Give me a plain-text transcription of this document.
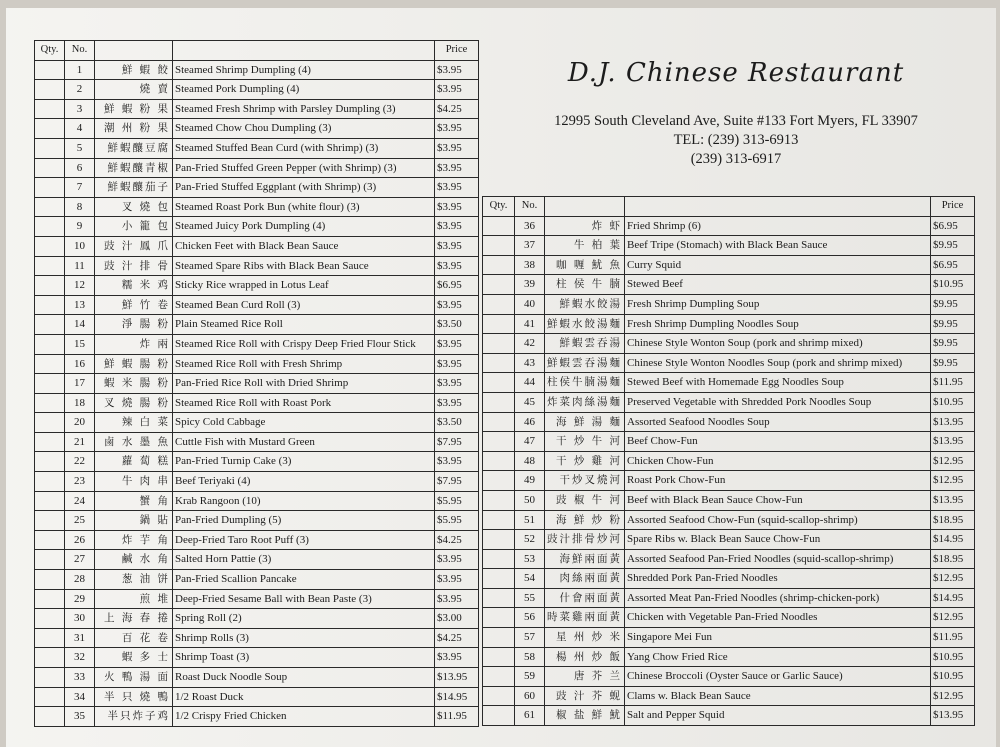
D.J. Chinese Restaurant
12995 South Cleveland Ave, Suite #133 Fort Myers, FL 33907
TEL: (239) 313-6913
(239) 313-6917
Qty.	No.			Price
	1	鮮 蝦 餃	Steamed Shrimp Dumpling (4)	$3.95
	2	燒 賣	Steamed Pork Dumpling (4)	$3.95
	3	鮮 蝦 粉 果	Steamed Fresh Shrimp with Parsley Dumpling (3)	$4.25
	4	潮 州 粉 果	Steamed Chow Chou Dumpling (3)	$3.95
	5	鮮蝦釀豆腐	Steamed Stuffed Bean Curd (with Shrimp) (3)	$3.95
	6	鮮蝦釀青椒	Pan-Fried Stuffed Green Pepper (with Shrimp) (3)	$3.95
	7	鮮蝦釀茄子	Pan-Fried Stuffed Eggplant (with Shrimp) (3)	$3.95
	8	叉 燒 包	Steamed Roast Pork Bun (white flour) (3)	$3.95
	9	小 籠 包	Steamed Juicy Pork Dumpling (4)	$3.95
	10	豉 汁 鳳 爪	Chicken Feet with Black Bean Sauce	$3.95
	11	豉 汁 排 骨	Steamed Spare Ribs with Black Bean Sauce	$3.95
	12	糯 米 鸡	Sticky Rice wrapped in Lotus Leaf	$6.95
	13	鮮 竹 卷	Steamed Bean Curd Roll (3)	$3.95
	14	淨 腸 粉	Plain Steamed Rice Roll	$3.50
	15	炸 兩	Steamed Rice Roll with Crispy Deep Fried Flour Stick	$3.95
	16	鮮 蝦 腸 粉	Steamed Rice Roll with Fresh Shrimp	$3.95
	17	蝦 米 腸 粉	Pan-Fried Rice Roll with Dried Shrimp	$3.95
	18	叉 燒 腸 粉	Steamed Rice Roll with Roast Pork	$3.95
	20	辣 白 菜	Spicy Cold Cabbage	$3.50
	21	鹵 水 墨 魚	Cuttle Fish with Mustard Green	$7.95
	22	蘿 蔔 糕	Pan-Fried Turnip Cake (3)	$3.95
	23	牛 肉 串	Beef Teriyaki (4)	$7.95
	24	蟹 角	Krab Rangoon (10)	$5.95
	25	鍋 貼	Pan-Fried Dumpling (5)	$5.95
	26	炸 芋 角	Deep-Fried Taro Root Puff (3)	$4.25
	27	鹹 水 角	Salted Horn Pattie (3)	$3.95
	28	葱 油 饼	Pan-Fried Scallion Pancake	$3.95
	29	煎 堆	Deep-Fried Sesame Ball with Bean Paste (3)	$3.95
	30	上 海 春 捲	Spring Roll (2)	$3.00
	31	百 花 卷	Shrimp Rolls (3)	$4.25
	32	蝦 多 士	Shrimp Toast (3)	$3.95
	33	火 鴨 湯 面	Roast Duck Noodle Soup	$13.95
	34	半 只 燒 鴨	1/2 Roast Duck	$14.95
	35	半只炸子鸡	1/2 Crispy Fried Chicken	$11.95
Qty.	No.			Price
	36	炸 虾	Fried Shrimp (6)	$6.95
	37	牛 柏 葉	Beef Tripe (Stomach) with Black Bean Sauce	$9.95
	38	咖 喱 魷 魚	Curry Squid	$6.95
	39	柱 侯 牛 腩	Stewed Beef	$10.95
	40	鮮蝦水餃湯	Fresh Shrimp Dumpling Soup	$9.95
	41	鮮蝦水餃湯麵	Fresh Shrimp Dumpling Noodles Soup	$9.95
	42	鮮蝦雲吞湯	Chinese Style Wonton Soup (pork and shrimp mixed)	$9.95
	43	鮮蝦雲吞湯麵	Chinese Style Wonton Noodles Soup (pork and shrimp mixed)	$9.95
	44	柱侯牛腩湯麵	Stewed Beef with Homemade Egg Noodles Soup	$11.95
	45	炸菜肉絲湯麵	Preserved Vegetable with Shredded Pork Noodles Soup	$10.95
	46	海 鮮 湯 麵	Assorted Seafood Noodles Soup	$13.95
	47	干 炒 牛 河	Beef Chow-Fun	$13.95
	48	干 炒 雞 河	Chicken Chow-Fun	$12.95
	49	干炒叉燒河	Roast Pork Chow-Fun	$12.95
	50	豉 椒 牛 河	Beef with Black Bean Sauce Chow-Fun	$13.95
	51	海 鮮 炒 粉	Assorted Seafood Chow-Fun (squid-scallop-shrimp)	$18.95
	52	豉汁排骨炒河	Spare Ribs w. Black Bean Sauce Chow-Fun	$14.95
	53	海鮮兩面黃	Assorted Seafood Pan-Fried Noodles (squid-scallop-shrimp)	$18.95
	54	肉絲兩面黃	Shredded Pork Pan-Fried Noodles	$12.95
	55	什會兩面黃	Assorted Meat Pan-Fried Noodles (shrimp-chicken-pork)	$14.95
	56	時菜雞兩面黃	Chicken with Vegetable Pan-Fried Noodles	$12.95
	57	星 州 炒 米	Singapore Mei Fun	$11.95
	58	楊 州 炒 飯	Yang Chow Fried Rice	$10.95
	59	唐 芥 兰	Chinese Broccoli (Oyster Sauce or Garlic Sauce)	$10.95
	60	豉 汁 芥 蚬	Clams w. Black Bean Sauce	$12.95
	61	椒 盐 鮮 魷	Salt and Pepper Squid	$13.95
